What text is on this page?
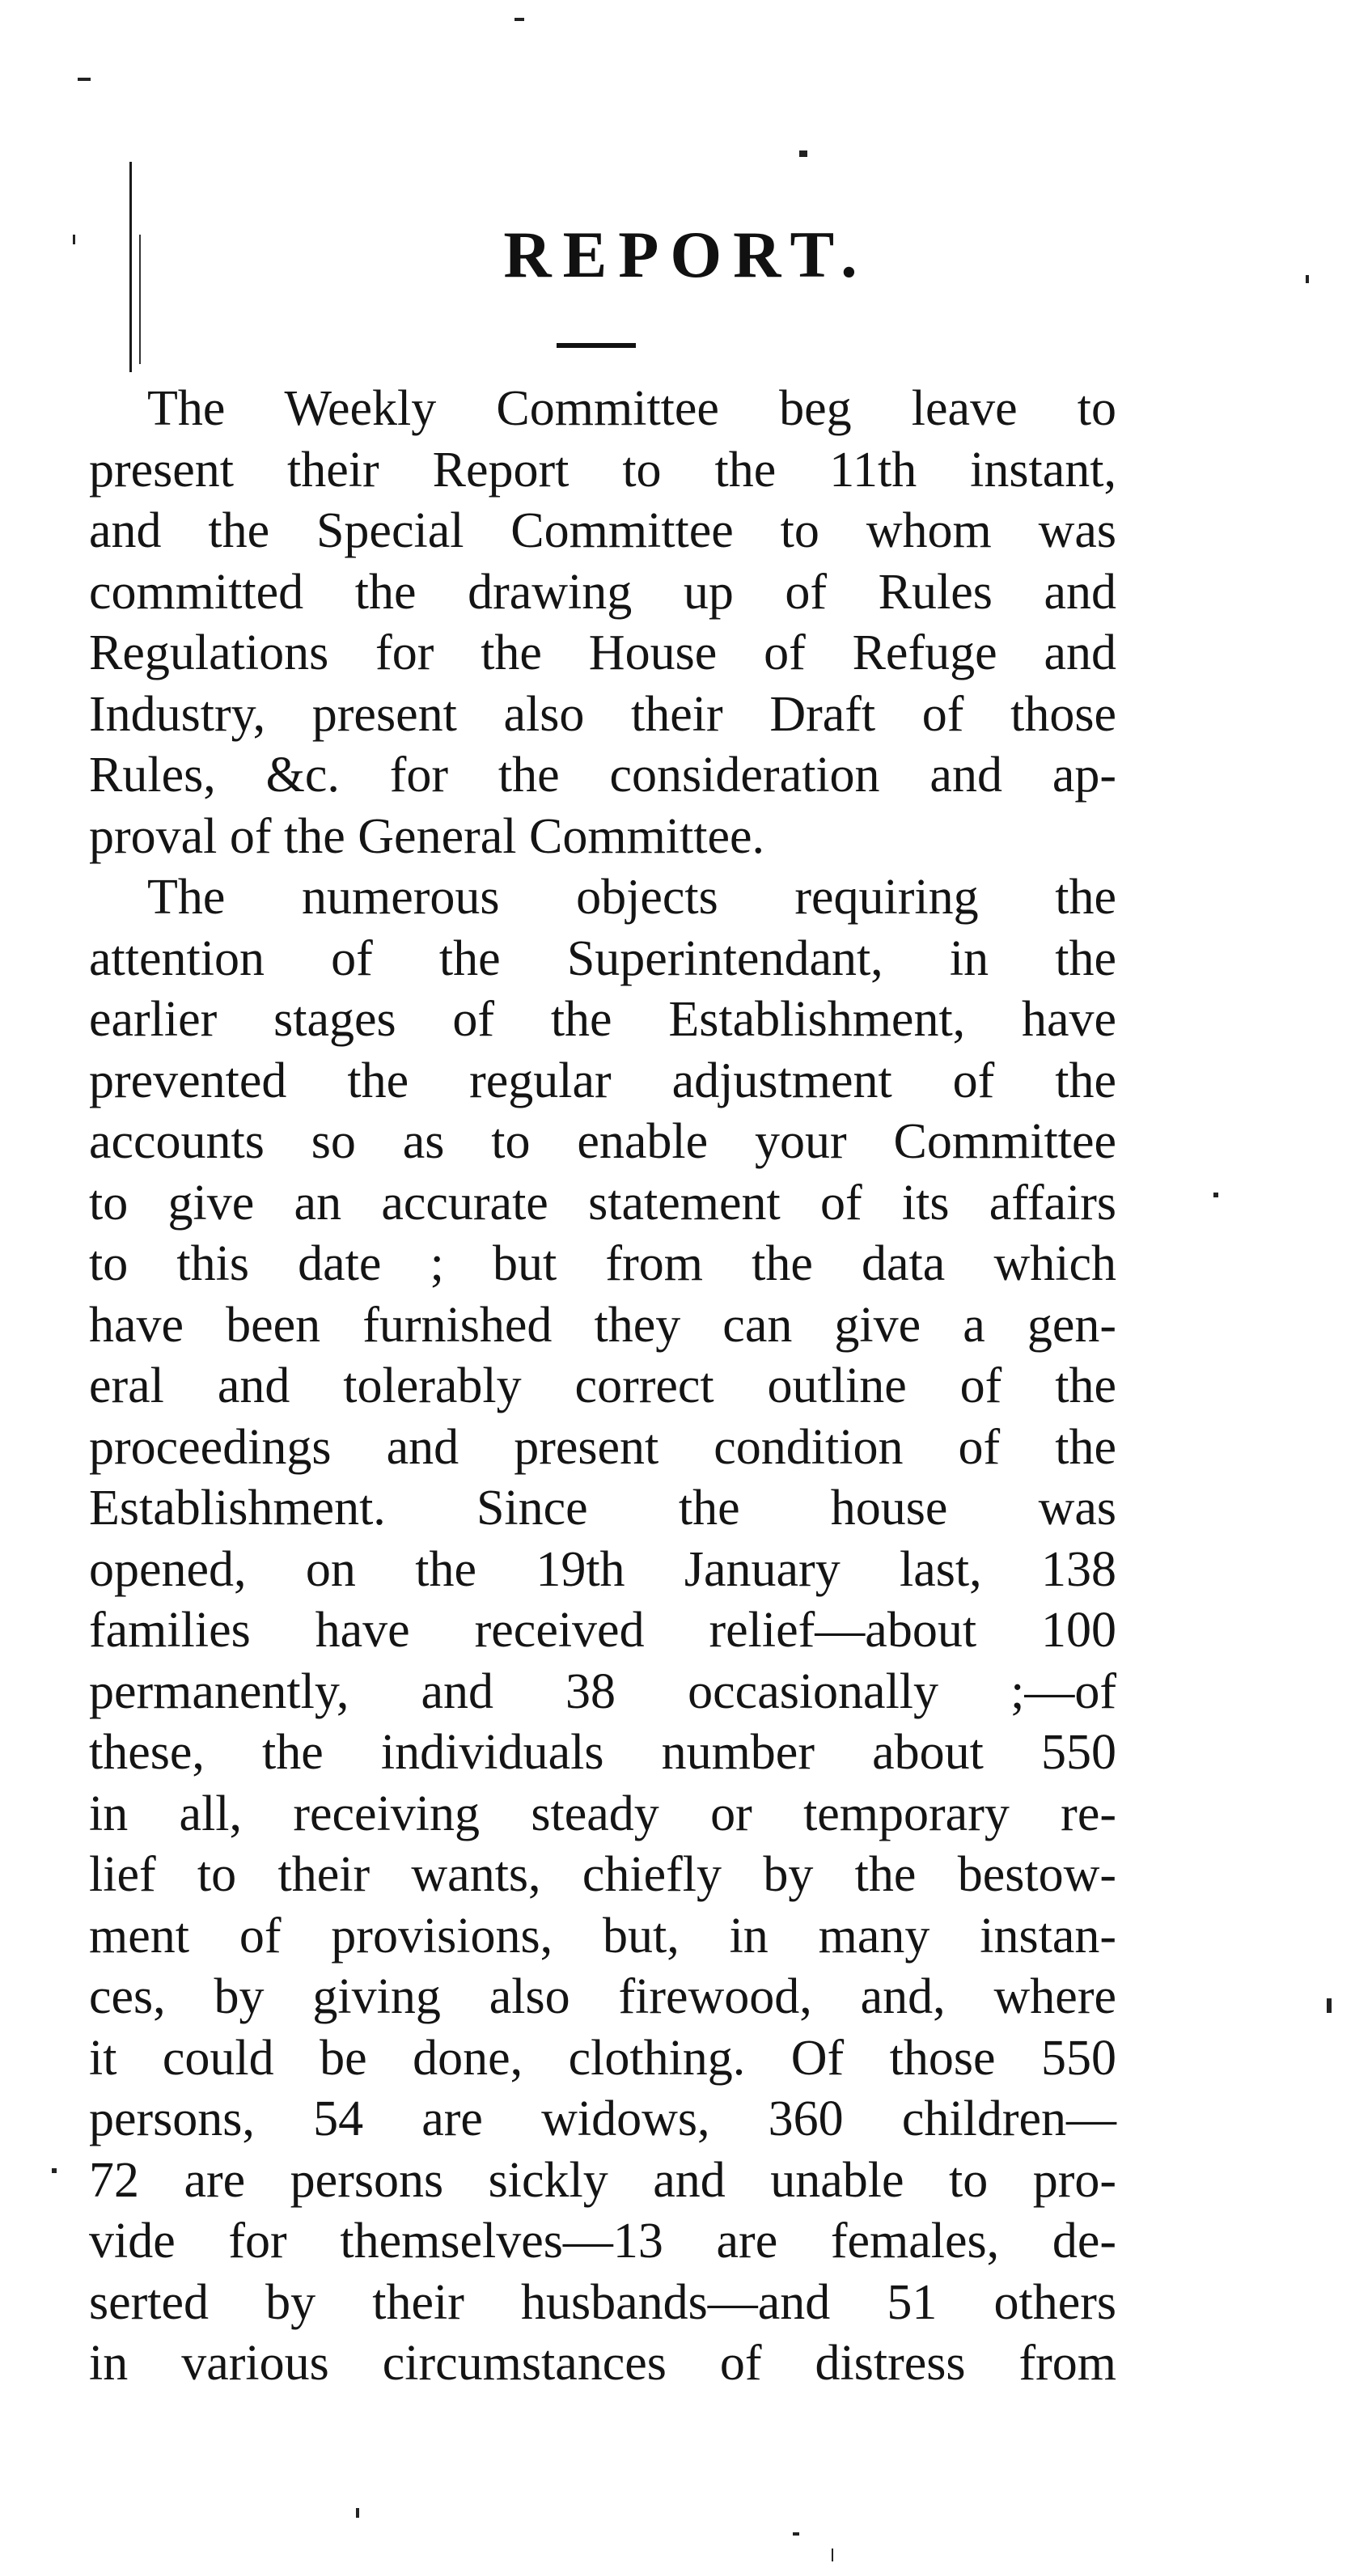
REPORT.
The Weekly Committee beg leave to
present their Report to the 11th instant,
and the Special Committee to whom was
committed the drawing up of Rules and
Regulations for the House of Refuge and
Industry, present also their Draft of those
Rules, &c. for the consideration and ap-
proval of the General Committee.
The numerous objects requiring the
attention of the Superintendant, in the
earlier stages of the Establishment, have
prevented the regular adjustment of the
accounts so as to enable your Committee
to give an accurate statement of its affairs
to this date ; but from the data which
have been furnished they can give a gen-
eral and tolerably correct outline of the
proceedings and present condition of the
Establishment. Since the house was
opened, on the 19th January last, 138
families have received relief—about 100
permanently, and 38 occasionally ;—of
these, the individuals number about 550
in all, receiving steady or temporary re-
lief to their wants, chiefly by the bestow-
ment of provisions, but, in many instan-
ces, by giving also firewood, and, where
it could be done, clothing. Of those 550
persons, 54 are widows, 360 children—
72 are persons sickly and unable to pro-
vide for themselves—13 are females, de-
serted by their husbands—and 51 others
in various circumstances of distress from
